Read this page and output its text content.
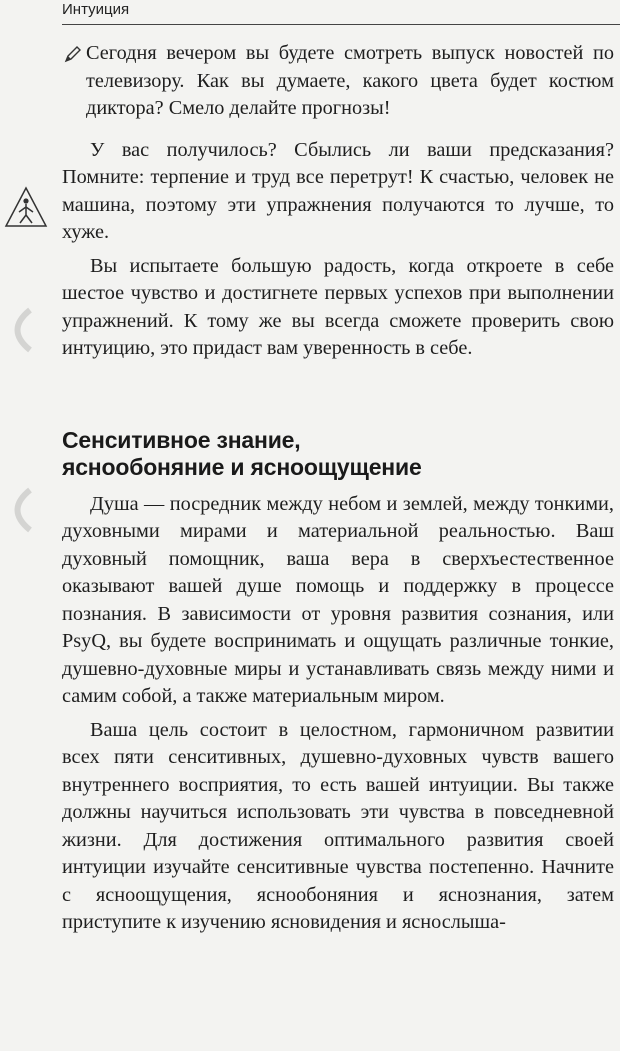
Интуиция

Сегодня вечером вы будете смотреть выпуск новостей по телевизору. Как вы думаете, какого цвета будет костюм диктора? Смело делайте прогнозы!

У вас получилось? Сбылись ли ваши предсказания? Помните: терпение и труд все перетрут! К счастью, человек не машина, поэтому эти упражнения получаются то лучше, то хуже.

Вы испытаете большую радость, когда откроете в себе шестое чувство и достигнете первых успехов при выполнении упражнений. К тому же вы всегда сможете проверить свою интуицию, это придаст вам уверенность в себе.

Сенситивное знание,
яснообоняние и ясноощущение

Душа — посредник между небом и землей, между тонкими, духовными мирами и материальной реальностью. Ваш духовный помощник, ваша вера в сверхъестественное оказывают вашей душе помощь и поддержку в процессе познания. В зависимости от уровня развития сознания, или PsyQ, вы будете воспринимать и ощущать различные тонкие, душевно-духовные миры и устанавливать связь между ними и самим собой, а также материальным миром.

Ваша цель состоит в целостном, гармоничном развитии всех пяти сенситивных, душевно-духовных чувств вашего внутреннего восприятия, то есть вашей интуиции. Вы также должны научиться использовать эти чувства в повседневной жизни. Для достижения оптимального развития своей интуиции изучайте сенситивные чувства постепенно. Начните с ясноощущения, яснообоняния и яснознания, затем приступите к изучению ясновидения и яснослыша-
